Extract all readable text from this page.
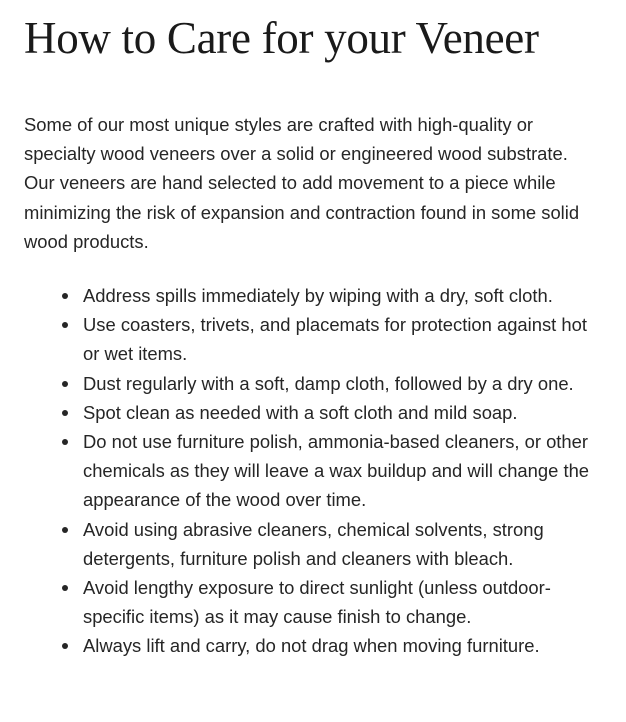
How to Care for your Veneer

Some of our most unique styles are crafted with high-quality or specialty wood veneers over a solid or engineered wood substrate. Our veneers are hand selected to add movement to a piece while minimizing the risk of expansion and contraction found in some solid wood products.

Address spills immediately by wiping with a dry, soft cloth.
Use coasters, trivets, and placemats for protection against hot or wet items.
Dust regularly with a soft, damp cloth, followed by a dry one.
Spot clean as needed with a soft cloth and mild soap.
Do not use furniture polish, ammonia-based cleaners, or other chemicals as they will leave a wax buildup and will change the appearance of the wood over time.
Avoid using abrasive cleaners, chemical solvents, strong detergents, furniture polish and cleaners with bleach.
Avoid lengthy exposure to direct sunlight (unless outdoor-specific items) as it may cause finish to change.
Always lift and carry, do not drag when moving furniture.
